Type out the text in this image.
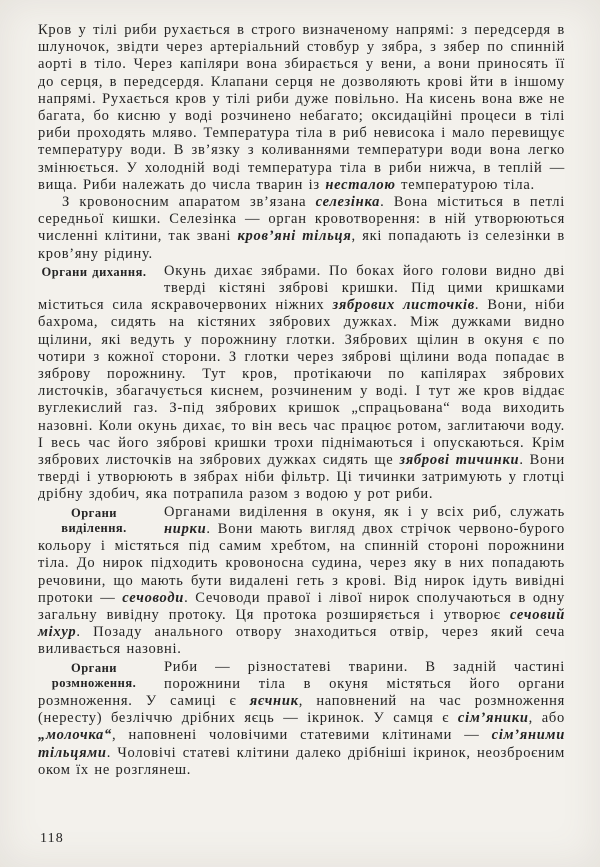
Кров у тілі риби рухається в строго визначеному напрямі: з передсердя в шлуночок, звідти через артеріальний стовбур у зябра, з зябер по спинній аорті в тіло. Через капіляри вона збирається у вени, а вони приносять її до серця, в передсердя. Клапани серця не дозволяють крові йти в іншому напрямі. Рухається кров у тілі риби дуже повільно. На кисень вона вже не багата, бо кисню у воді розчинено небагато; оксидаційні процеси в тілі риби проходять мляво. Температура тіла в риб невисока і мало перевищує температуру води. В зв’язку з коливаннями температури води вона легко змінюється. У холодній воді температура тіла в риби нижча, в теплій — вища. Риби належать до числа тварин із несталою температурою тіла.

З кровоносним апаратом зв’язана селезінка. Вона міститься в петлі середньої кишки. Селезінка — орган кровотворення: в ній утворюються численні клітини, так звані кров’яні тільця, які попадають із селезінки в кров’яну рідину.

Органи дихання. Окунь дихає зябрами. По боках його голови видно дві тверді кістяні зяброві кришки. Під цими кришками міститься сила яскравочервоних ніжних зябрових листочків. Вони, ніби бахрома, сидять на кістяних зябрових дужках. Між дужками видно щілини, які ведуть у порожнину глотки. Зябрових щілин в окуня є по чотири з кожної сторони. З глотки через зяброві щілини вода попадає в зяброву порожнину. Тут кров, протікаючи по капілярах зябрових листочків, збагачується киснем, розчиненим у воді. І тут же кров віддає вуглекислий газ. З-під зябрових кришок „спрацьована“ вода виходить назовні. Коли окунь дихає, то він весь час працює ротом, заглитаючи воду. І весь час його зяброві кришки трохи піднімаються і опускаються. Крім зябрових листочків на зябрових дужках сидять ще зяброві тичинки. Вони тверді і утворюють в зябрах ніби фільтр. Ці тичинки затримують у глотці дрібну здобич, яка потрапила разом з водою у рот риби.

Органи виділення.
Органами виділення в окуня, як і у всіх риб, служать нирки. Вони мають вигляд двох стрічок червоно-бурого кольору і містяться під самим хребтом, на спинній стороні порожнини тіла. До нирок підходить кровоносна судина, через яку в них попадають речовини, що мають бути видалені геть з крові. Від нирок ідуть вивідні протоки — сечоводи. Сечоводи правої і лівої нирок сполучаються в одну загальну вивідну протоку. Ця протока розширяється і утворює сечовий міхур. Позаду анального отвору знаходиться отвір, через який сеча виливається назовні.

Органи розмноження.
Риби — різностатеві тварини. В задній частині порожнини тіла в окуня містяться його органи розмноження. У самиці є яєчник, наповнений на час розмноження (нересту) безліччю дрібних яєць — ікринок. У самця є сім’яники, або „молочка“, наповнені чоловічими статевими клітинами — сім’яними тільцями. Чоловічі статеві клітини далеко дрібніші ікринок, неозброєним оком їх не розглянеш.

118
